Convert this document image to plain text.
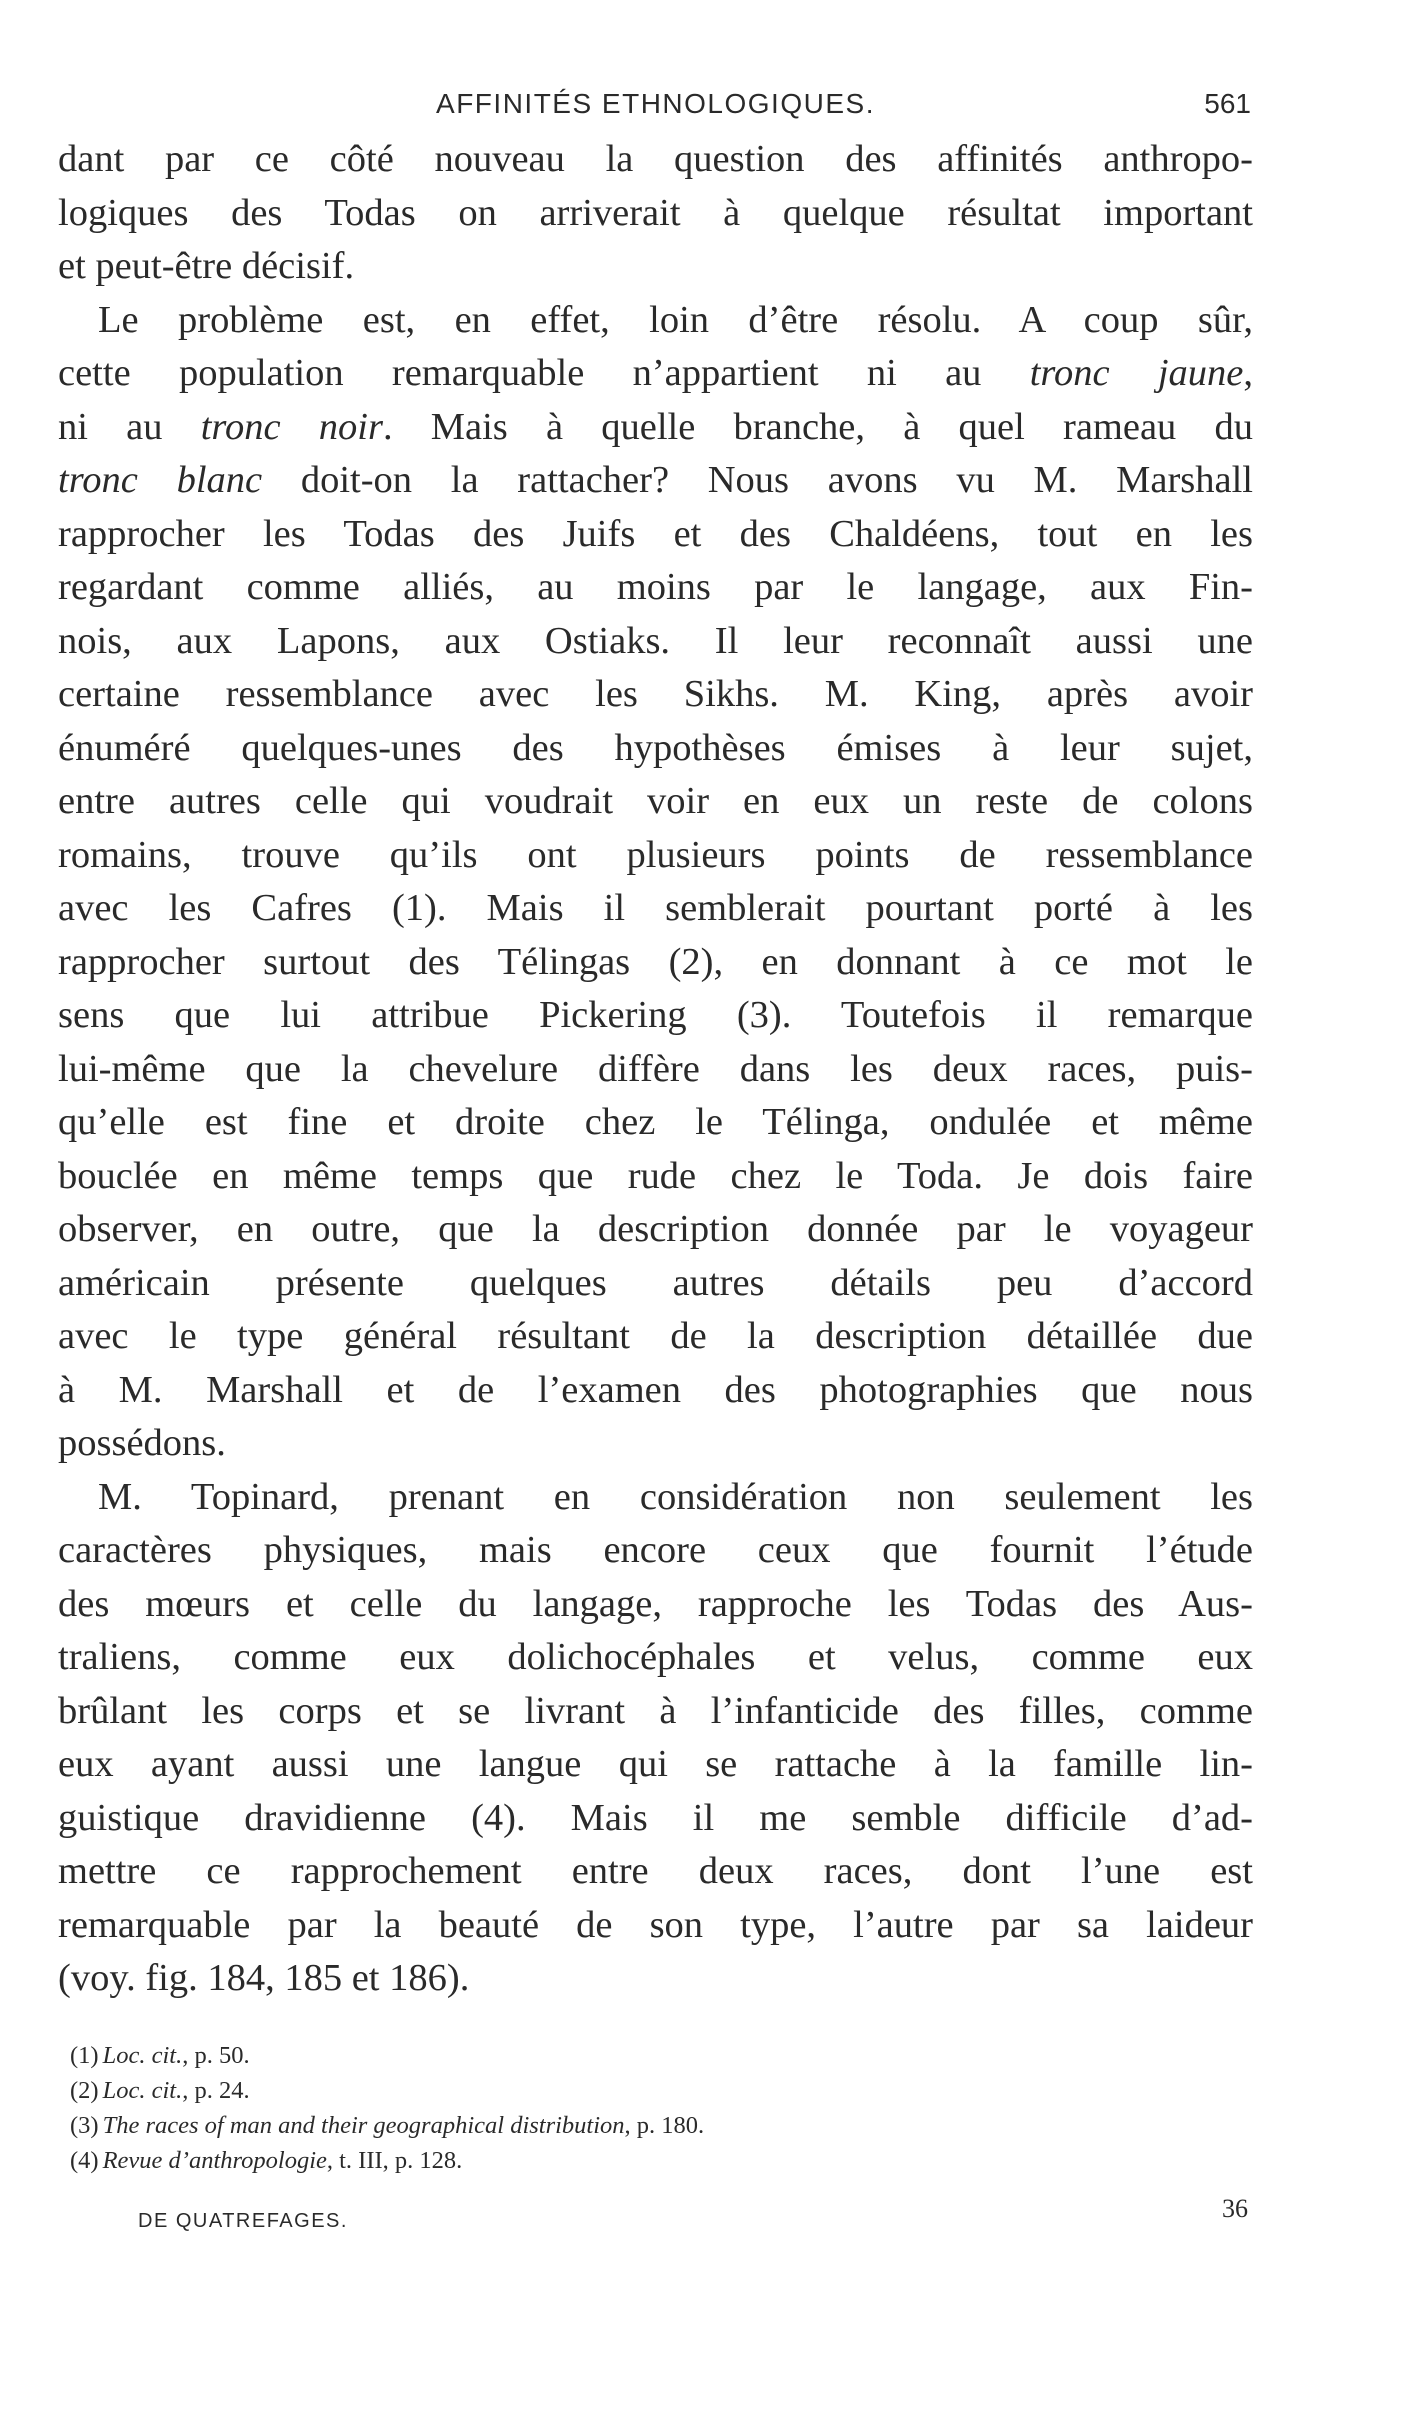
AFFINITÉS ETHNOLOGIQUES.	561
dant par ce côté nouveau la question des affinités anthropo-
logiques des Todas on arriverait à quelque résultat important
et peut-être décisif.
Le problème est, en effet, loin d’être résolu. A coup sûr,
cette population remarquable n’appartient ni au tronc jaune,
ni au tronc noir. Mais à quelle branche, à quel rameau du
tronc blanc doit-on la rattacher? Nous avons vu M. Marshall
rapprocher les Todas des Juifs et des Chaldéens, tout en les
regardant comme alliés, au moins par le langage, aux Fin-
nois, aux Lapons, aux Ostiaks. Il leur reconnaît aussi une
certaine ressemblance avec les Sikhs. M. King, après avoir
énuméré quelques-unes des hypothèses émises à leur sujet,
entre autres celle qui voudrait voir en eux un reste de colons
romains, trouve qu’ils ont plusieurs points de ressemblance
avec les Cafres (1). Mais il semblerait pourtant porté à les
rapprocher surtout des Télingas (2), en donnant à ce mot le
sens que lui attribue Pickering (3). Toutefois il remarque
lui-même que la chevelure diffère dans les deux races, puis-
qu’elle est fine et droite chez le Télinga, ondulée et même
bouclée en même temps que rude chez le Toda. Je dois faire
observer, en outre, que la description donnée par le voyageur
américain présente quelques autres détails peu d’accord
avec le type général résultant de la description détaillée due
à M. Marshall et de l’examen des photographies que nous
possédons.
M. Topinard, prenant en considération non seulement les
caractères physiques, mais encore ceux que fournit l’étude
des mœurs et celle du langage, rapproche les Todas des Aus-
traliens, comme eux dolichocéphales et velus, comme eux
brûlant les corps et se livrant à l’infanticide des filles, comme
eux ayant aussi une langue qui se rattache à la famille lin-
guistique dravidienne (4). Mais il me semble difficile d’ad-
mettre ce rapprochement entre deux races, dont l’une est
remarquable par la beauté de son type, l’autre par sa laideur
(voy. fig. 184, 185 et 186).
(1) Loc. cit., p. 50.
(2) Loc. cit., p. 24.
(3) The races of man and their geographical distribution, p. 180.
(4) Revue d’anthropologie, t. III, p. 128.
DE QUATREFAGES.	36
